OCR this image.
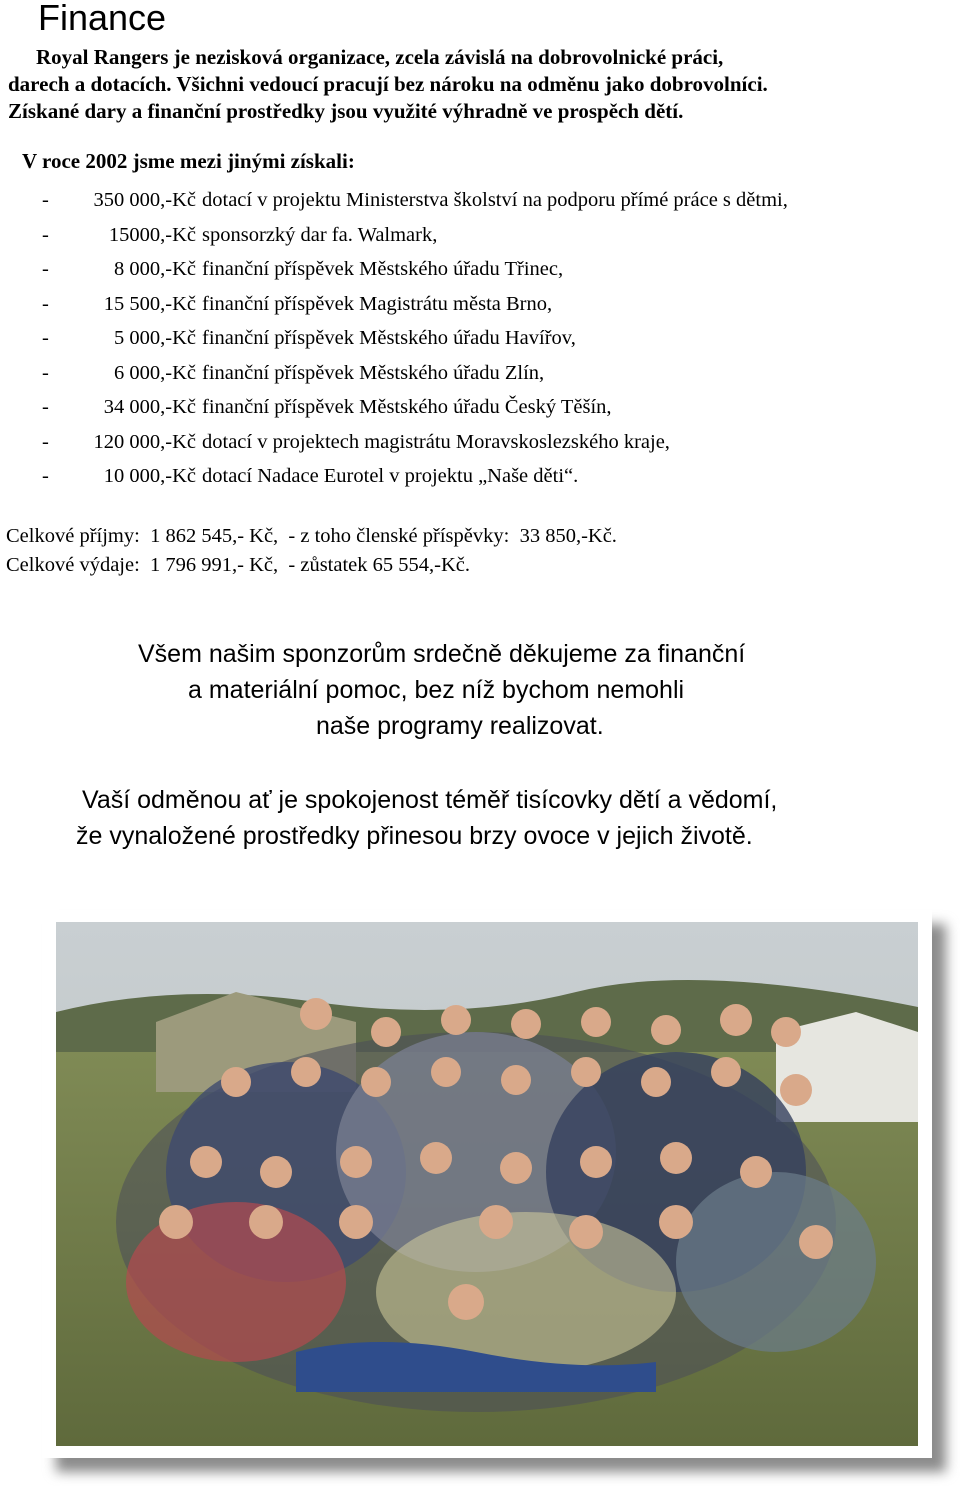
Finance
Royal Rangers je nezisková organizace, zcela závislá na dobrovolnické práci,
darech a dotacích. Všichni vedoucí pracují bez nároku na odměnu jako dobrovolníci.
Získané dary a finanční prostředky jsou využité výhradně ve prospěch dětí.
V roce 2002 jsme mezi jinými získali:
- 350 000,-Kč dotací v projektu Ministerstva školství na podporu přímé práce s dětmi,
-	15000,-Kč sponsorzký dar fa. Walmark,
-	8 000,-Kč finanční příspěvek Městského úřadu Třinec,
-	15 500,-Kč finanční příspěvek Magistrátu města Brno,
-	5 000,-Kč finanční příspěvek Městského úřadu Havířov,
-	6 000,-Kč finanční příspěvek Městského úřadu Zlín,
-	34 000,-Kč finanční příspěvek Městského úřadu Český Těšín,
- 120 000,-Kč dotací v projektech magistrátu Moravskoslezského kraje,
-	10 000,-Kč dotací Nadace Eurotel v projektu „Naše děti“.
Celkové příjmy: 1 862 545,- Kč, - z toho členské příspěvky: 33 850,-Kč.
Celkové výdaje: 1 796 991,- Kč, - zůstatek 65 554,-Kč.
Všem našim sponzorům srdečně děkujeme za finanční
a materiální pomoc, bez níž bychom nemohli
naše programy realizovat.
Vaší odměnou ať je spokojenost téměř tisícovky dětí a vědomí,
že vynaložené prostředky přinesou brzy ovoce v jejich životě.
